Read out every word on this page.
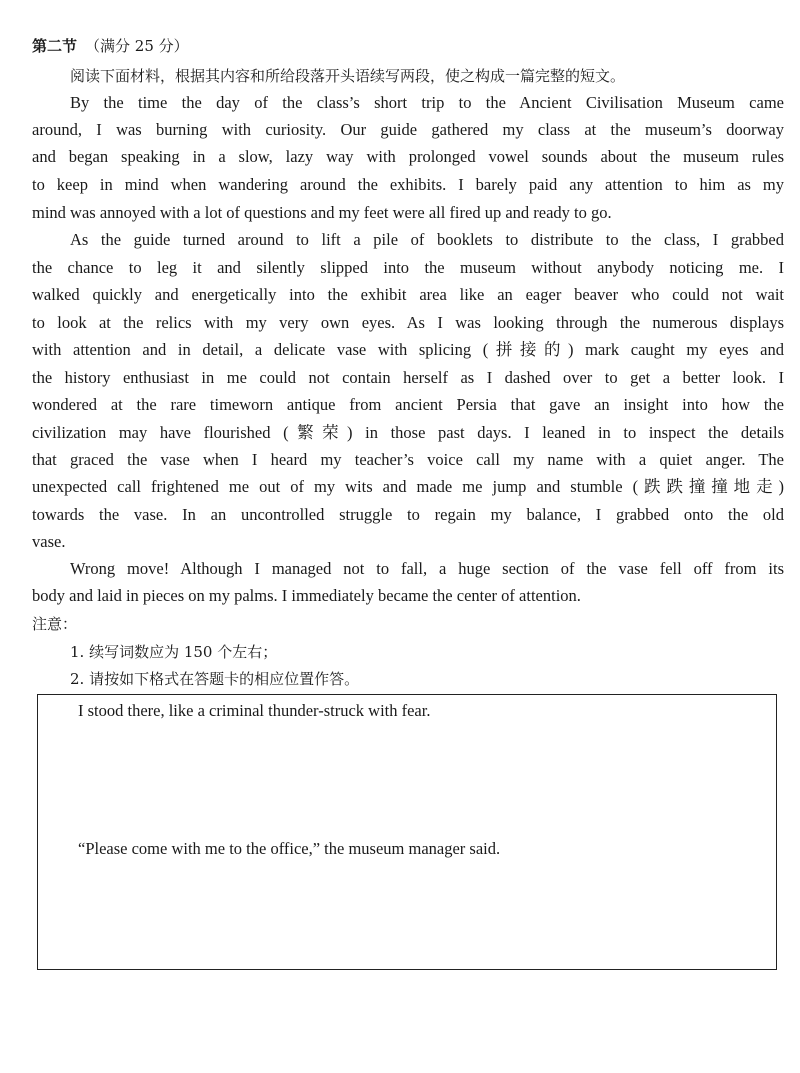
第二节 （满分 25 分）
阅读下面材料，根据其内容和所给段落开头语续写两段，使之构成一篇完整的短文。
By the time the day of the class’s short trip to the Ancient Civilisation Museum came
around, I was burning with curiosity. Our guide gathered my class at the museum’s doorway
and began speaking in a slow, lazy way with prolonged vowel sounds about the museum rules
to keep in mind when wandering around the exhibits. I barely paid any attention to him as my
mind was annoyed with a lot of questions and my feet were all fired up and ready to go.
As the guide turned around to lift a pile of booklets to distribute to the class, I grabbed
the chance to leg it and silently slipped into the museum without anybody noticing me. I
walked quickly and energetically into the exhibit area like an eager beaver who could not wait
to look at the relics with my very own eyes. As I was looking through the numerous displays
with attention and in detail, a delicate vase with splicing (拼接的) mark caught my eyes and
the history enthusiast in me could not contain herself as I dashed over to get a better look. I
wondered at the rare timeworn antique from ancient Persia that gave an insight into how the
civilization may have flourished (繁荣) in those past days. I leaned in to inspect the details
that graced the vase when I heard my teacher’s voice call my name with a quiet anger. The
unexpected call frightened me out of my wits and made me jump and stumble (跌跌撞撞地走)
towards the vase. In an uncontrolled struggle to regain my balance, I grabbed onto the old
vase.
Wrong move! Although I managed not to fall, a huge section of the vase fell off from its
body and laid in pieces on my palms. I immediately became the center of attention.
注意：
1. 续写词数应为 150 个左右；
2. 请按如下格式在答题卡的相应位置作答。
I stood there, like a criminal thunder-struck with fear.
“Please come with me to the office,” the museum manager said.
